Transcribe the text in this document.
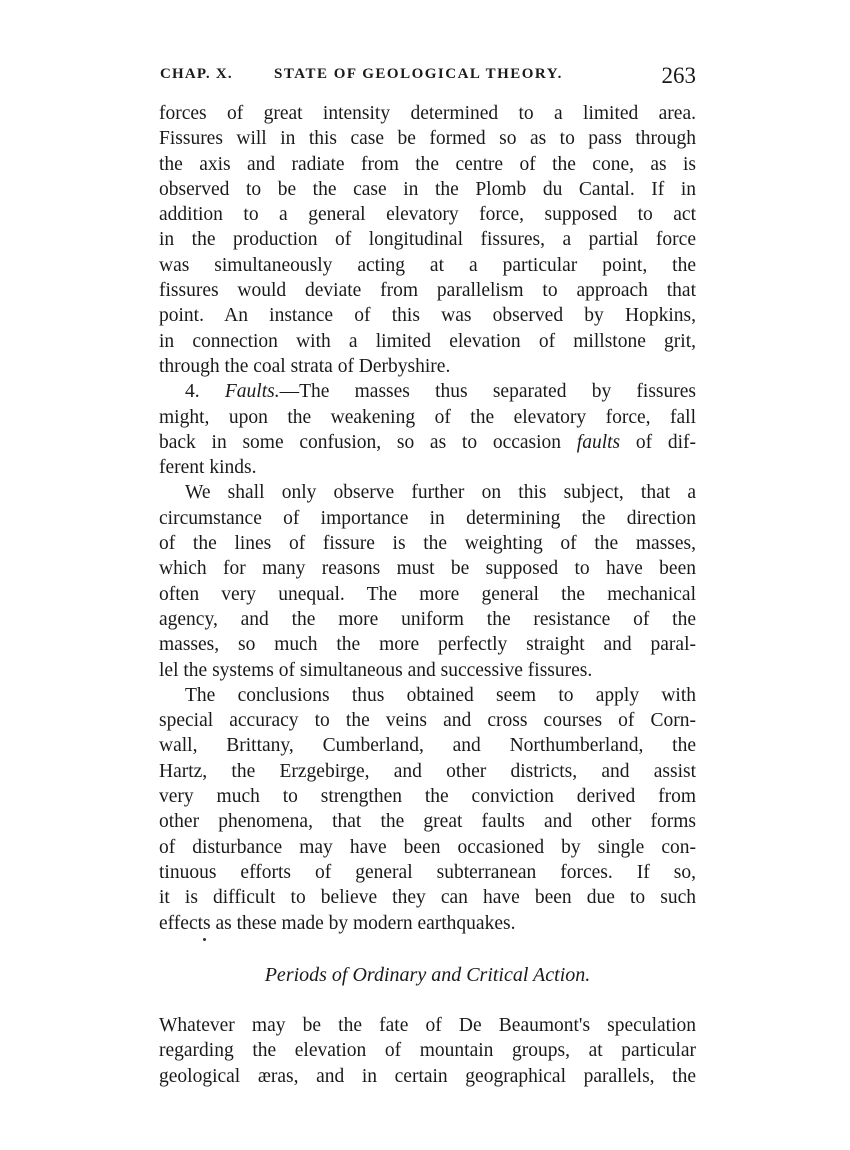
CHAP. X.	STATE OF GEOLOGICAL THEORY.	263

forces of great intensity determined to a limited area.
Fissures will in this case be formed so as to pass through
the axis and radiate from the centre of the cone, as is
observed to be the case in the Plomb du Cantal. If in
addition to a general elevatory force, supposed to act
in the production of longitudinal fissures, a partial force
was simultaneously acting at a particular point, the
fissures would deviate from parallelism to approach that
point. An instance of this was observed by Hopkins,
in connection with a limited elevation of millstone grit,
through the coal strata of Derbyshire.

4. Faults.—The masses thus separated by fissures
might, upon the weakening of the elevatory force, fall
back in some confusion, so as to occasion faults of dif-
ferent kinds.

We shall only observe further on this subject, that a
circumstance of importance in determining the direction
of the lines of fissure is the weighting of the masses,
which for many reasons must be supposed to have been
often very unequal. The more general the mechanical
agency, and the more uniform the resistance of the
masses, so much the more perfectly straight and paral-
lel the systems of simultaneous and successive fissures.

The conclusions thus obtained seem to apply with
special accuracy to the veins and cross courses of Corn-
wall, Brittany, Cumberland, and Northumberland, the
Hartz, the Erzgebirge, and other districts, and assist
very much to strengthen the conviction derived from
other phenomena, that the great faults and other forms
of disturbance may have been occasioned by single con-
tinuous efforts of general subterranean forces. If so,
it is difficult to believe they can have been due to such
effects as these made by modern earthquakes.

Periods of Ordinary and Critical Action.

Whatever may be the fate of De Beaumont's speculation
regarding the elevation of mountain groups, at particular
geological æras, and in certain geographical parallels, the
